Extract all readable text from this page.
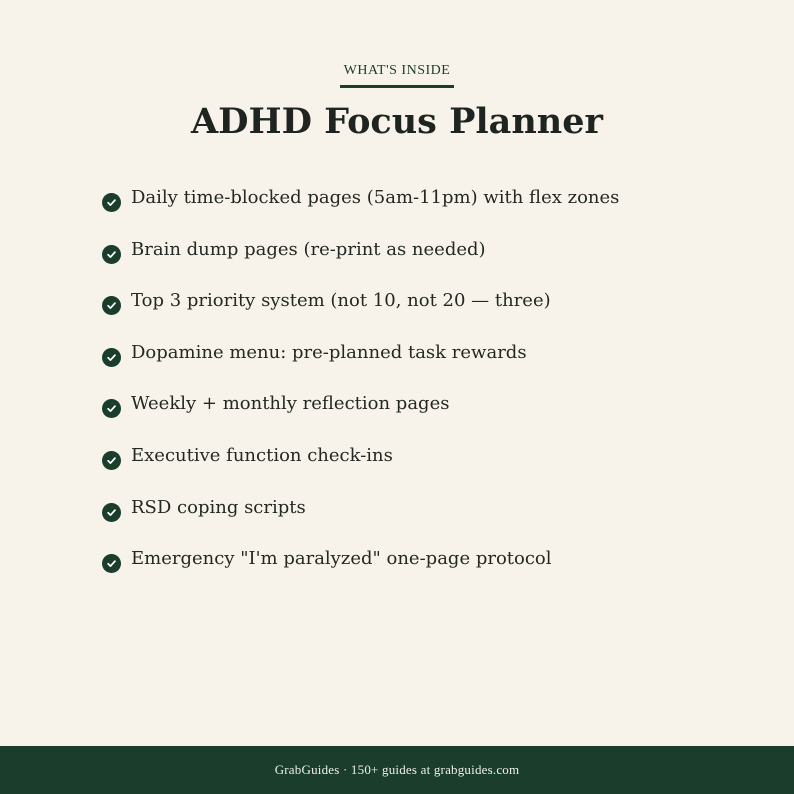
WHAT'S INSIDE
ADHD Focus Planner
Daily time-blocked pages (5am-11pm) with flex zones
Brain dump pages (re-print as needed)
Top 3 priority system (not 10, not 20 — three)
Dopamine menu: pre-planned task rewards
Weekly + monthly reflection pages
Executive function check-ins
RSD coping scripts
Emergency "I'm paralyzed" one-page protocol
GrabGuides · 150+ guides at grabguides.com
